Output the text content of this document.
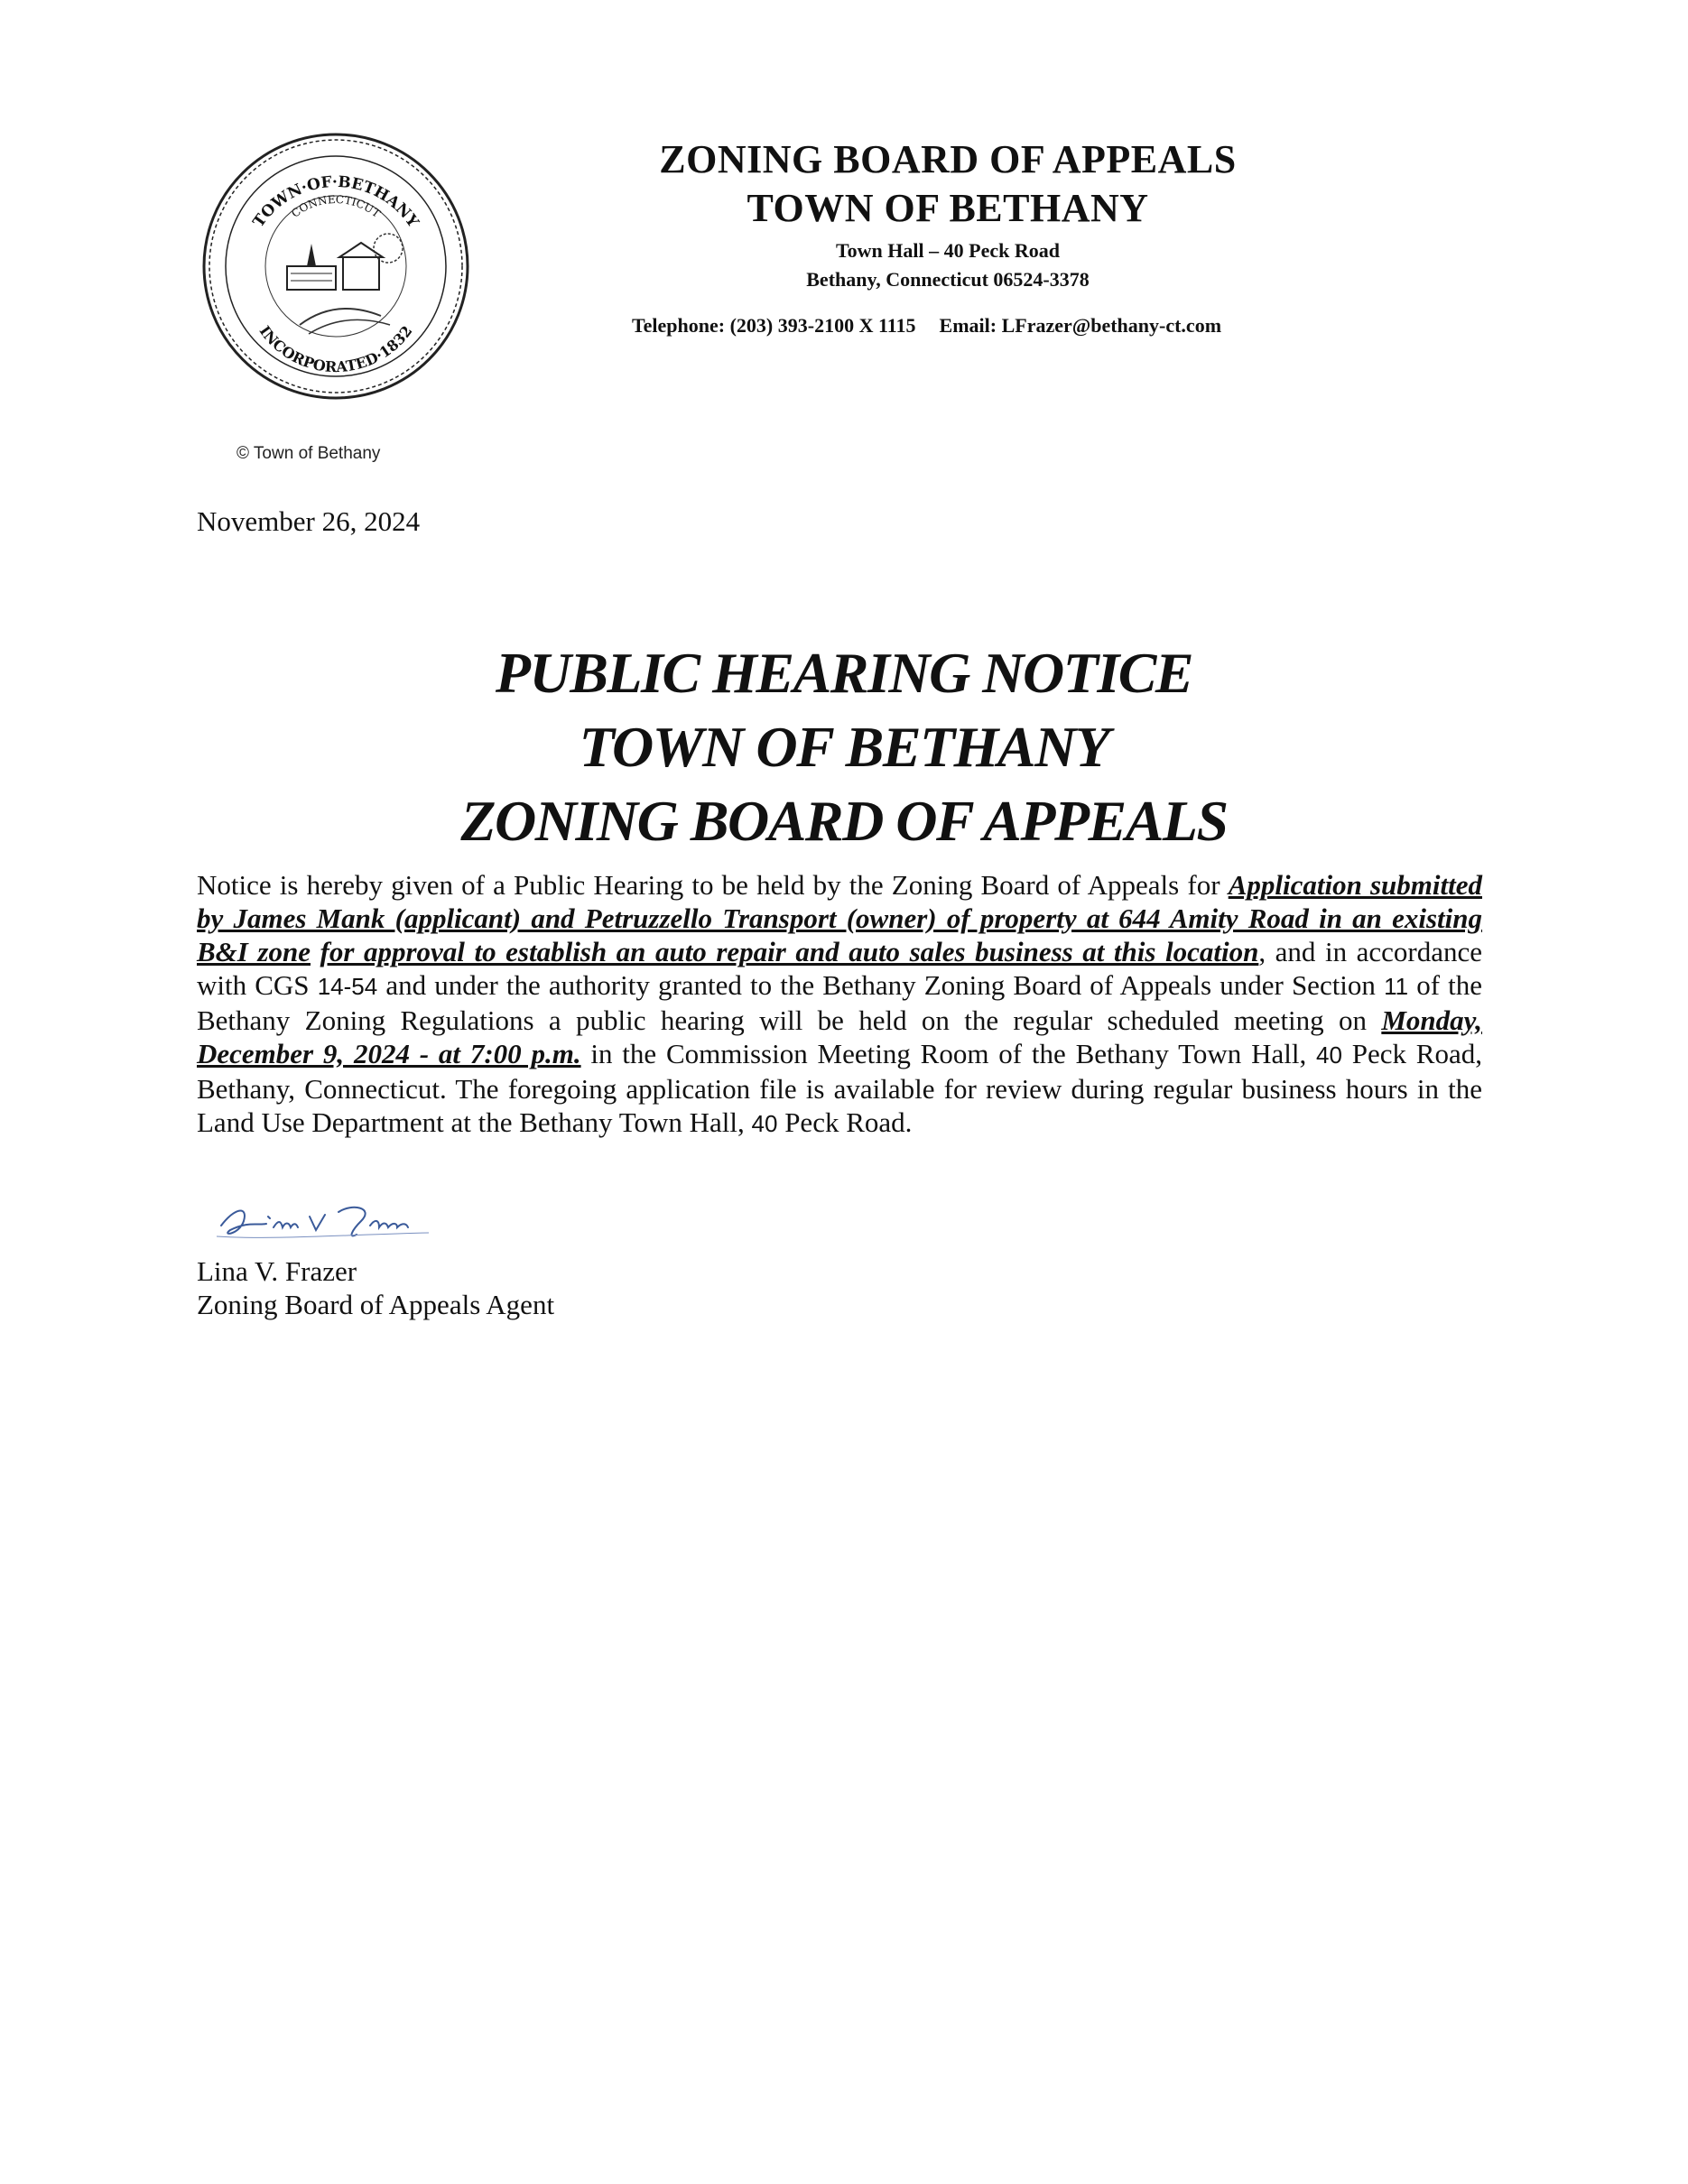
TOWN·OF·BETHANY
CONNECTICUT
INCORPORATED·1832
© Town of Bethany
ZONING BOARD OF APPEALS
TOWN OF BETHANY
Town Hall – 40 Peck Road
Bethany, Connecticut 06524-3378
Telephone: (203) 393-2100 X 1115 Email: LFrazer@bethany-ct.com
November 26, 2024
PUBLIC HEARING NOTICE
TOWN OF BETHANY
ZONING BOARD OF APPEALS
Notice is hereby given of a Public Hearing to be held by the Zoning Board of Appeals for Application submitted by James Mank (applicant) and Petruzzello Transport (owner) of property at 644 Amity Road in an existing B&I zone for approval to establish an auto repair and auto sales business at this location, and in accordance with CGS 14-54 and under the authority granted to the Bethany Zoning Board of Appeals under Section 11 of the Bethany Zoning Regulations a public hearing will be held on the regular scheduled meeting on Monday, December 9, 2024 - at 7:00 p.m. in the Commission Meeting Room of the Bethany Town Hall, 40 Peck Road, Bethany, Connecticut. The foregoing application file is available for review during regular business hours in the Land Use Department at the Bethany Town Hall, 40 Peck Road.
Lina V. Frazer
Zoning Board of Appeals Agent
